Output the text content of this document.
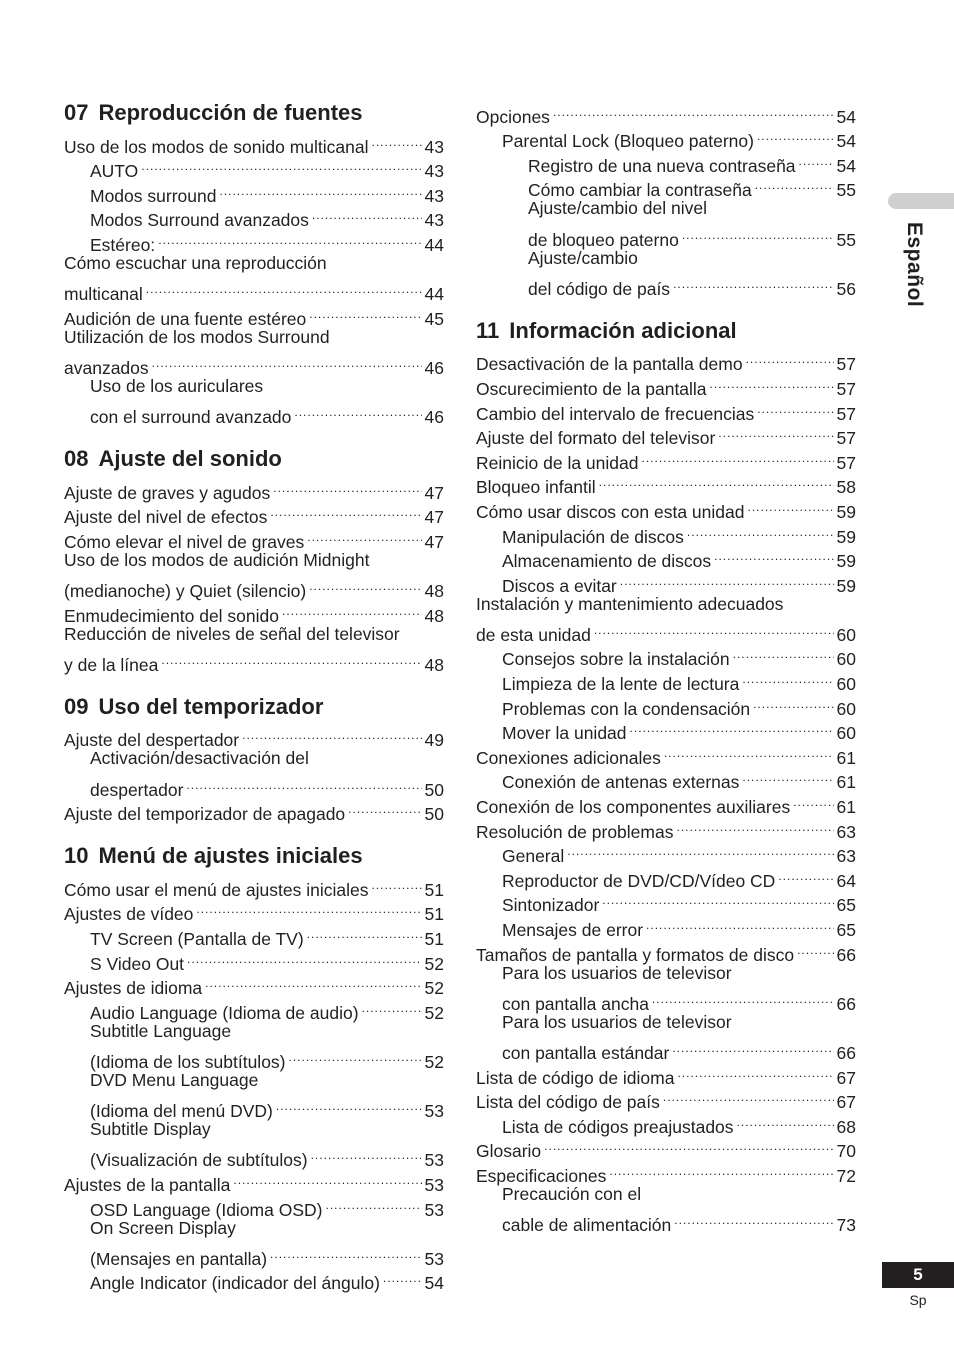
07 Reproducción de fuentes
Uso de los modos de sonido multicanal .....	43
AUTO .....	43
Modos surround .....	43
Modos Surround avanzados .....	43
Estéreo: .....	44
Cómo escuchar una reproducción
multicanal .....	44
Audición de una fuente estéreo .....	45
Utilización de los modos Surround
avanzados .....	46
Uso de los auriculares
con el surround avanzado .....	46
08 Ajuste del sonido
Ajuste de graves y agudos .....	47
Ajuste del nivel de efectos .....	47
Cómo elevar el nivel de graves .....	47
Uso de los modos de audición Midnight
(medianoche) y Quiet (silencio) .....	48
Enmudecimiento del sonido .....	48
Reducción de niveles de señal del televisor
y de la línea .....	48
09 Uso del temporizador
Ajuste del despertador .....	49
Activación/desactivación del
despertador .....	50
Ajuste del temporizador de apagado .....	50
10 Menú de ajustes iniciales
Cómo usar el menú de ajustes iniciales .....	51
Ajustes de vídeo .....	51
TV Screen (Pantalla de TV) .....	51
S Video Out .....	52
Ajustes de idioma .....	52
Audio Language (Idioma de audio) .....	52
Subtitle Language
(Idioma de los subtítulos) .....	52
DVD Menu Language
(Idioma del menú DVD) .....	53
Subtitle Display
(Visualización de subtítulos) .....	53
Ajustes de la pantalla .....	53
OSD Language (Idioma OSD) .....	53
On Screen Display
(Mensajes en pantalla) .....	53
Angle Indicator (indicador del ángulo) .....	54
Opciones .....	54
Parental Lock (Bloqueo paterno) .....	54
Registro de una nueva contraseña ..... 54
Cómo cambiar la contraseña .....	55
Ajuste/cambio del nivel
de bloqueo paterno .....	55
Ajuste/cambio
del código de país .....	56
11 Información adicional
Desactivación de la pantalla demo .....	57
Oscurecimiento de la pantalla .....	57
Cambio del intervalo de frecuencias .....	57
Ajuste del formato del televisor .....	57
Reinicio de la unidad .....	57
Bloqueo infantil .....	58
Cómo usar discos con esta unidad .....	59
Manipulación de discos .....	59
Almacenamiento de discos .....	59
Discos a evitar .....	59
Instalación y mantenimiento adecuados
de esta unidad .....	60
Consejos sobre la instalación .....	60
Limpieza de la lente de lectura .....	60
Problemas con la condensación .....	60
Mover la unidad .....	60
Conexiones adicionales .....	61
Conexión de antenas externas .....	61
Conexión de los componentes auxiliares .....	61
Resolución de problemas .....	63
General .....	63
Reproductor de DVD/CD/Vídeo CD .....	64
Sintonizador .....	65
Mensajes de error .....	65
Tamaños de pantalla y formatos de disco ..... 66
Para los usuarios de televisor
con pantalla ancha .....	66
Para los usuarios de televisor
con pantalla estándar .....	66
Lista de código de idioma .....	67
Lista del código de país .....	67
Lista de códigos preajustados .....	68
Glosario .....	70
Especificaciones .....	72
Precaución con el
cable de alimentación .....	73
Español
5
Sp
